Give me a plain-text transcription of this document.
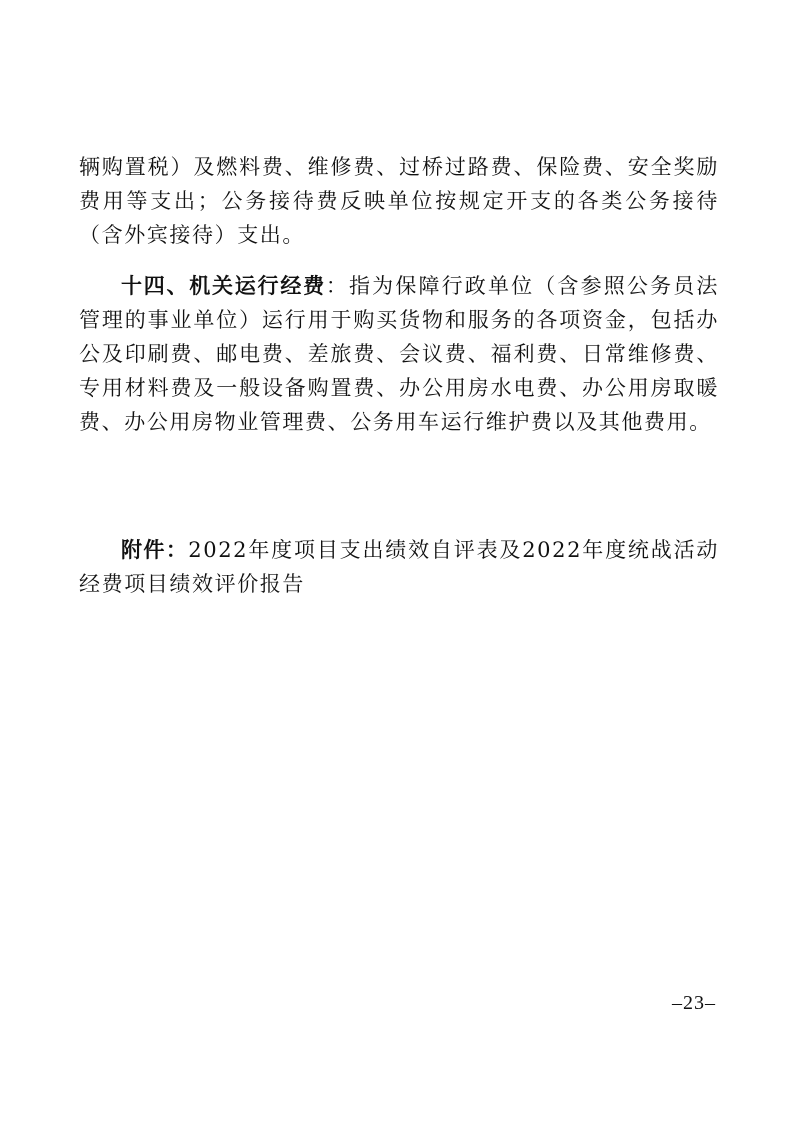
辆购置税）及燃料费、维修费、过桥过路费、保险费、安全奖励费用等支出；公务接待费反映单位按规定开支的各类公务接待（含外宾接待）支出。

十四、机关运行经费：指为保障行政单位（含参照公务员法管理的事业单位）运行用于购买货物和服务的各项资金，包括办公及印刷费、邮电费、差旅费、会议费、福利费、日常维修费、专用材料费及一般设备购置费、办公用房水电费、办公用房取暖费、办公用房物业管理费、公务用车运行维护费以及其他费用。

附件：2022年度项目支出绩效自评表及2022年度统战活动经费项目绩效评价报告

–23–
